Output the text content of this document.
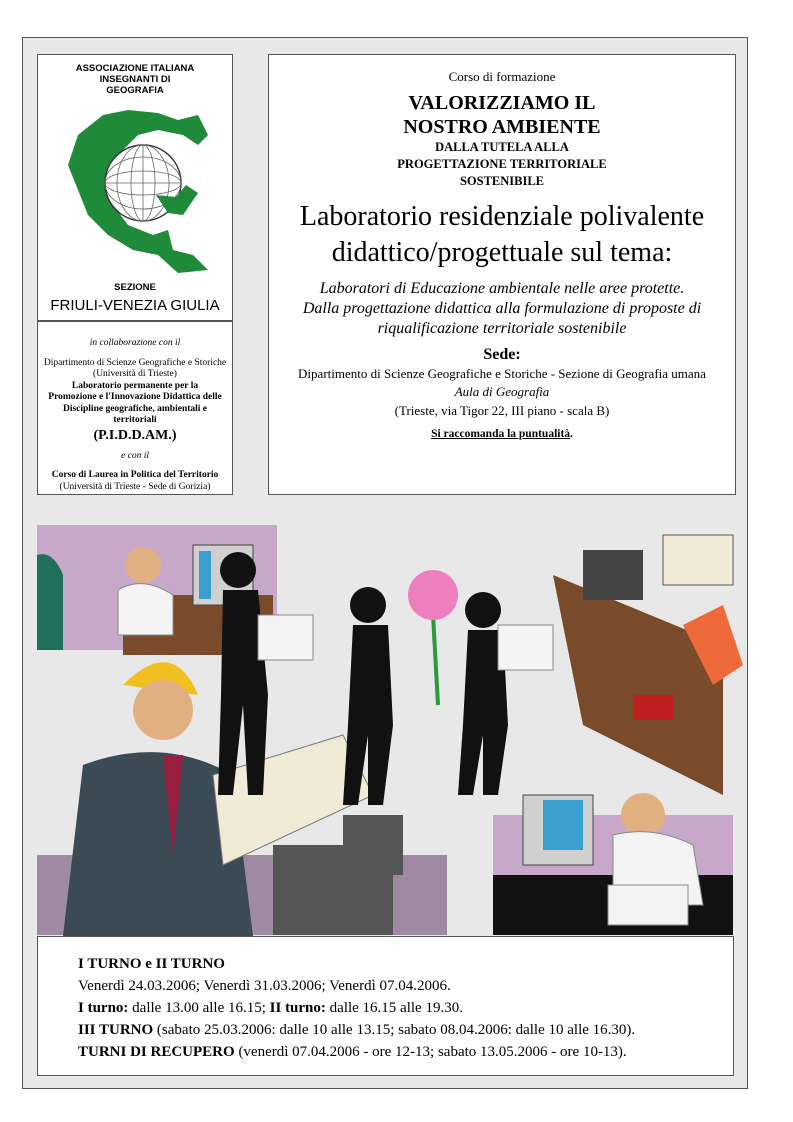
ASSOCIAZIONE ITALIANA
INSEGNANTI DI
GEOGRAFIA
SEZIONE
FRIULI-VENEZIA GIULIA

in collaborazione con il

Dipartimento di Scienze Geografiche e Storiche

(Università di Trieste)

Laboratorio permanente per la

Promozione e l'Innovazione Didattica delle

Discipline geografiche, ambientali e territoriali

(P.I.D.D.AM.)

e con il

Corso di Laurea in Politica del Territorio

(Università di Trieste - Sede di Gorizia)

Corso di formazione

VALORIZZIAMO IL

NOSTRO AMBIENTE

DALLA TUTELA ALLA

PROGETTAZIONE TERRITORIALE

SOSTENIBILE

Laboratorio residenziale polivalente

didattico/progettuale sul tema:

Laboratori di Educazione ambientale nelle aree protette.

Dalla progettazione didattica alla formulazione di proposte di

riqualificazione territoriale sostenibile

Sede:

Dipartimento di Scienze Geografiche e Storiche - Sezione di Geografia umana

Aula di Geografia

(Trieste, via Tigor 22, III piano - scala B)

Si raccomanda la puntualità.

I TURNO e II TURNO

Venerdì 24.03.2006; Venerdì 31.03.2006; Venerdì 07.04.2006.

I turno: dalle 13.00 alle 16.15; II turno: dalle 16.15 alle 19.30.

III TURNO (sabato 25.03.2006: dalle 10 alle 13.15; sabato 08.04.2006: dalle 10 alle 16.30).

TURNI DI RECUPERO (venerdì 07.04.2006 - ore 12-13; sabato 13.05.2006 - ore 10-13).
